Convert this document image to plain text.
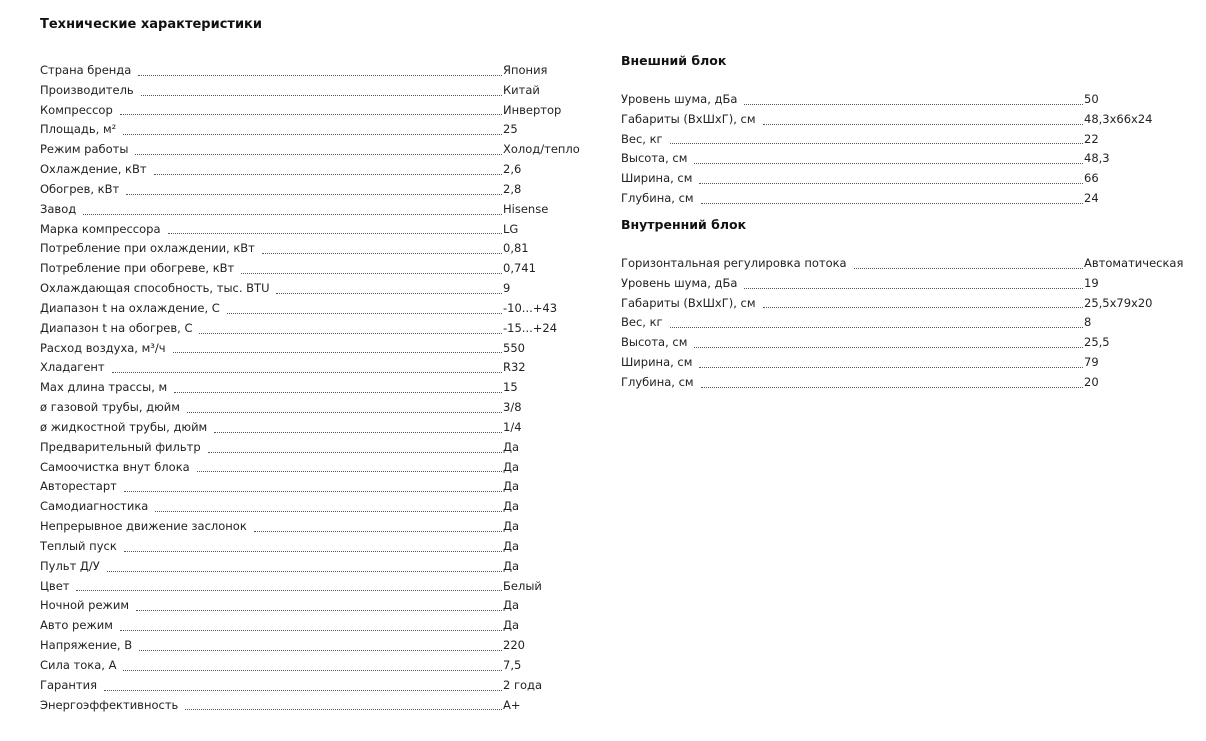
Технические характеристики
Страна бренда	Япония
Производитель	Китай
Компрессор	Инвертор
Площадь, м²	25
Режим работы	Холод/тепло
Охлаждение, кВт	2,6
Обогрев, кВт	2,8
Завод	Hisense
Марка компрессора	LG
Потребление при охлаждении, кВт	0,81
Потребление при обогреве, кВт	0,741
Охлаждающая способность, тыс. BTU	9
Диапазон t на охлаждение, С	-10...+43
Диапазон t на обогрев, С	-15...+24
Расход воздуха, м³/ч	550
Хладагент	R32
Max длина трассы, м	15
ø газовой трубы, дюйм	3/8
ø жидкостной трубы, дюйм	1/4
Предварительный фильтр	Да
Самоочистка внут блока	Да
Авторестарт	Да
Самодиагностика	Да
Непрерывное движение заслонок	Да
Теплый пуск	Да
Пульт Д/У	Да
Цвет	Белый
Ночной режим	Да
Авто режим	Да
Напряжение, В	220
Сила тока, А	7,5
Гарантия	2 года
Энергоэффективность	A+
Внешний блок
Уровень шума, дБа	50
Габариты (ВхШхГ), см	48,3x66x24
Вес, кг	22
Высота, см	48,3
Ширина, см	66
Глубина, см	24
Внутренний блок
Горизонтальная регулировка потока	Автоматическая
Уровень шума, дБа	19
Габариты (ВхШхГ), см	25,5x79x20
Вес, кг	8
Высота, см	25,5
Ширина, см	79
Глубина, см	20
